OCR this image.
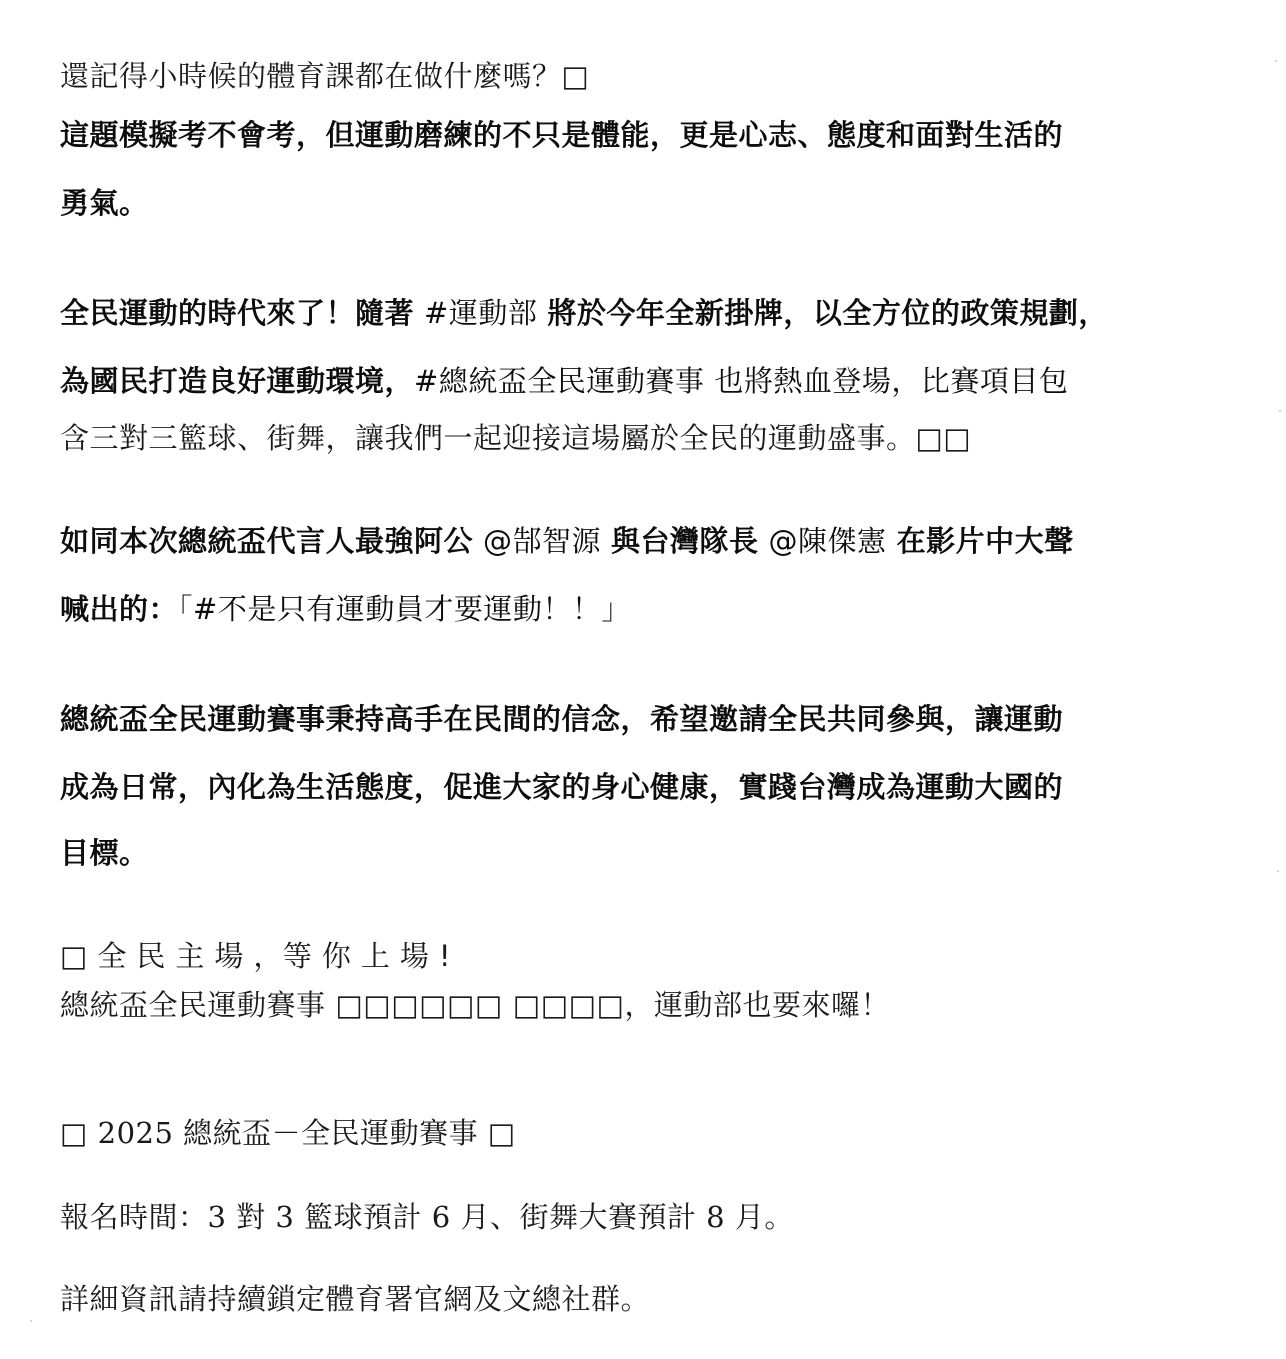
還記得小時候的體育課都在做什麼嗎？□
這題模擬考不會考，但運動磨練的不只是體能，更是心志、態度和面對生活的
勇氣。
全民運動的時代來了！隨著 #運動部 將於今年全新掛牌，以全方位的政策規劃，
為國民打造良好運動環境，#總統盃全民運動賽事 也將熱血登場，比賽項目包
含三對三籃球、街舞，讓我們一起迎接這場屬於全民的運動盛事。□□
如同本次總統盃代言人最強阿公 @郜智源 與台灣隊長 @陳傑憲 在影片中大聲
喊出的：「#不是只有運動員才要運動！！」
總統盃全民運動賽事秉持高手在民間的信念，希望邀請全民共同參與，讓運動
成為日常，內化為生活態度，促進大家的身心健康，實踐台灣成為運動大國的
目標。
□全民主場，等你上場!
總統盃全民運動賽事 □□□□□□ □□□□，運動部也要來囉！
□ 2025 總統盃－全民運動賽事 □
報名時間：3 對 3 籃球預計 6 月、街舞大賽預計 8 月。
詳細資訊請持續鎖定體育署官網及文總社群。
